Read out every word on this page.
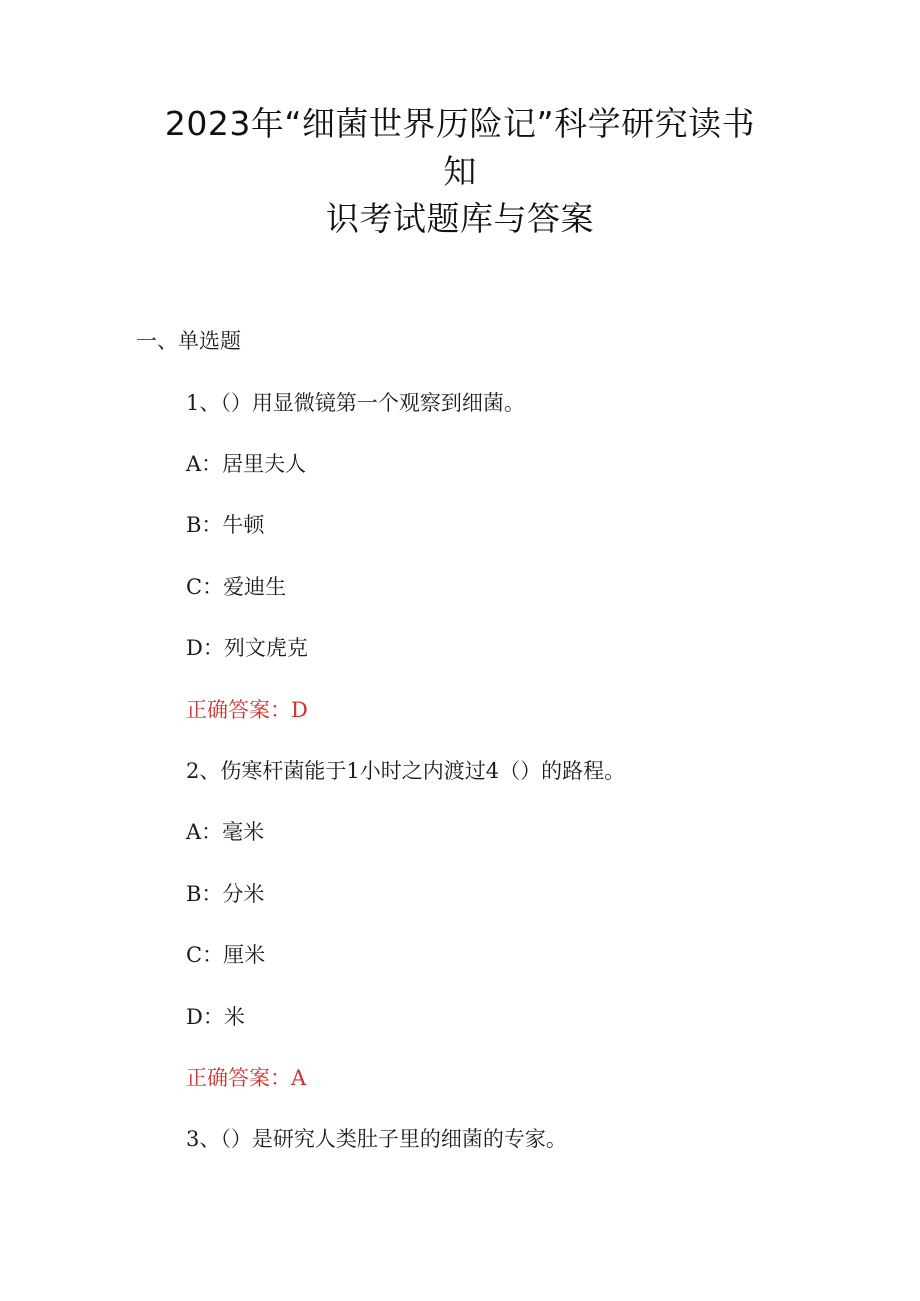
2023年“细菌世界历险记”科学研究读书
知
识考试题库与答案
一、单选题
1、（）用显微镜第一个观察到细菌。
A：居里夫人
B：牛顿
C：爱迪生
D：列文虎克
正确答案：D
2、伤寒杆菌能于1小时之内渡过4（）的路程。
A：毫米
B：分米
C：厘米
D：米
正确答案：A
3、（）是研究人类肚子里的细菌的专家。
